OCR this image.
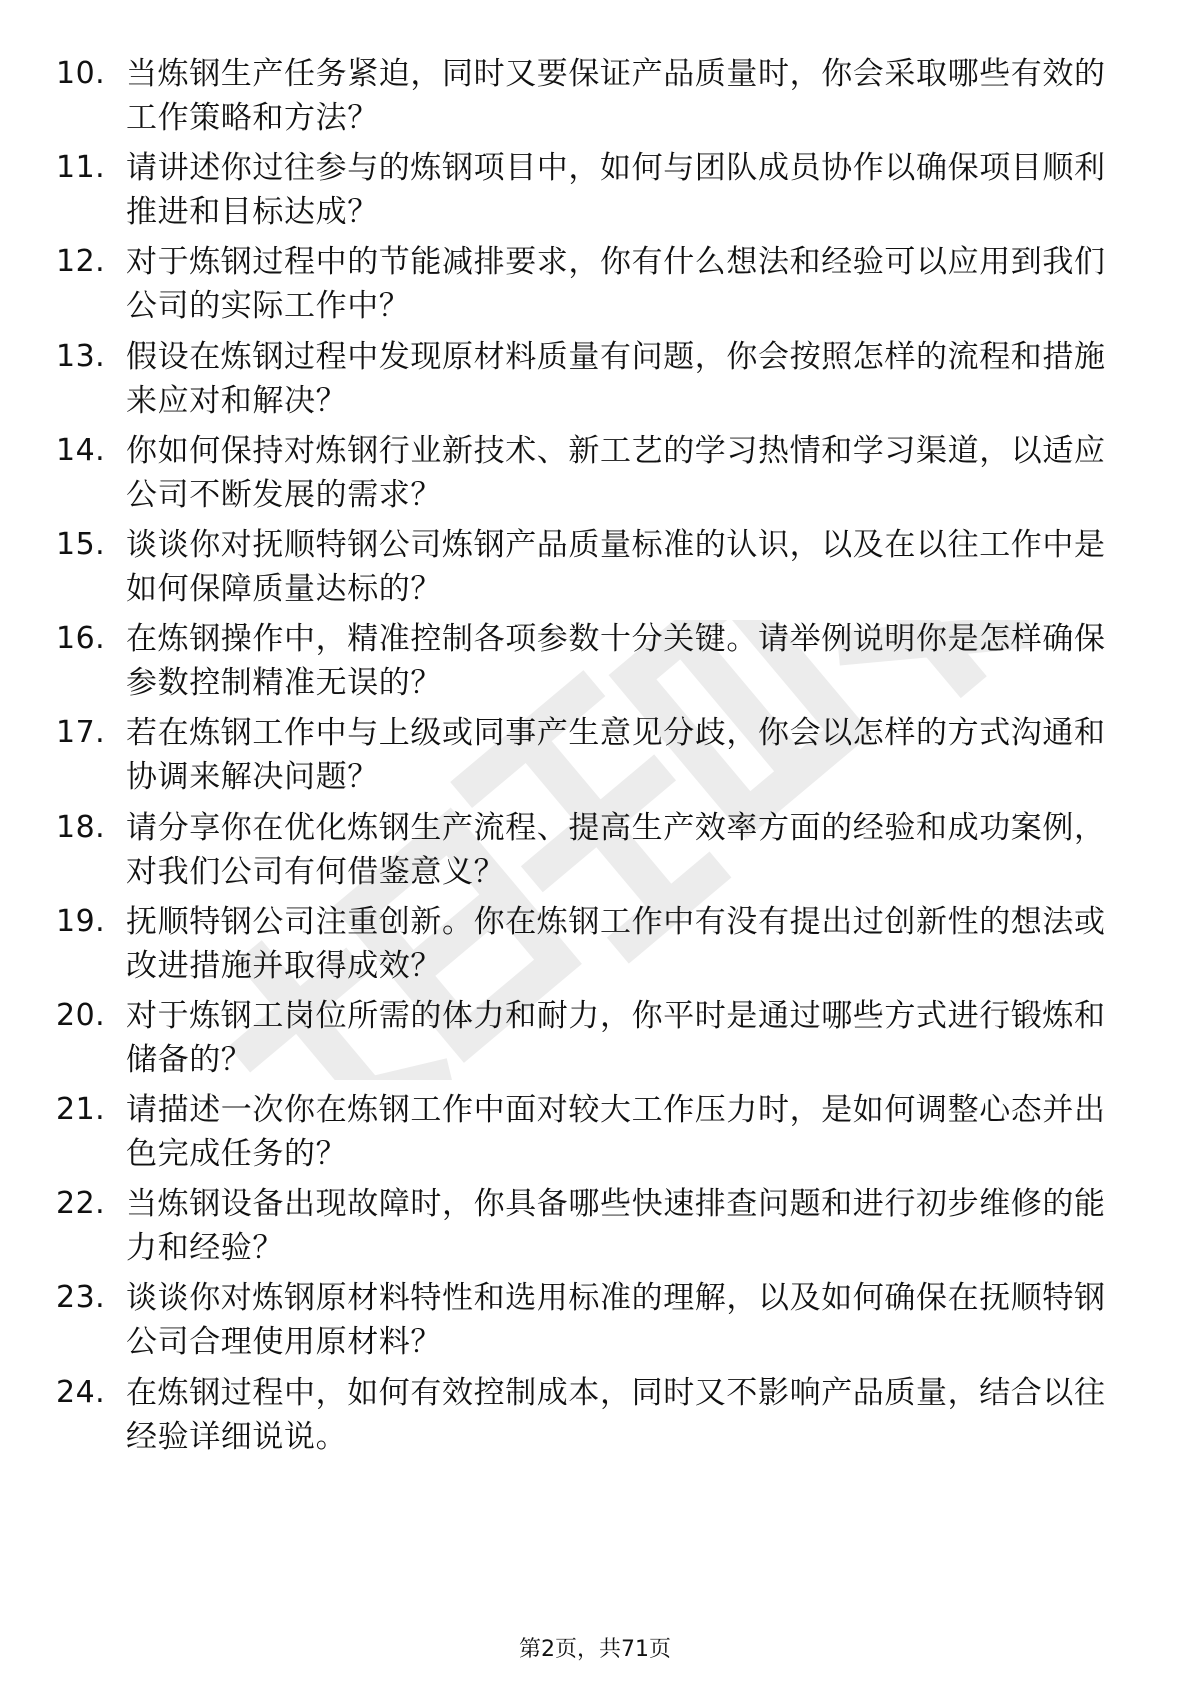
10. 当炼钢生产任务紧迫，同时又要保证产品质量时，你会采取哪些有效的工作策略和方法？
11. 请讲述你过往参与的炼钢项目中，如何与团队成员协作以确保项目顺利推进和目标达成？
12. 对于炼钢过程中的节能减排要求，你有什么想法和经验可以应用到我们公司的实际工作中？
13. 假设在炼钢过程中发现原材料质量有问题，你会按照怎样的流程和措施来应对和解决？
14. 你如何保持对炼钢行业新技术、新工艺的学习热情和学习渠道，以适应公司不断发展的需求？
15. 谈谈你对抚顺特钢公司炼钢产品质量标准的认识，以及在以往工作中是如何保障质量达标的？
16. 在炼钢操作中，精准控制各项参数十分关键。请举例说明你是怎样确保参数控制精准无误的？
17. 若在炼钢工作中与上级或同事产生意见分歧，你会以怎样的方式沟通和协调来解决问题？
18. 请分享你在优化炼钢生产流程、提高生产效率方面的经验和成功案例，对我们公司有何借鉴意义？
19. 抚顺特钢公司注重创新。你在炼钢工作中有没有提出过创新性的想法或改进措施并取得成效？
20. 对于炼钢工岗位所需的体力和耐力，你平时是通过哪些方式进行锻炼和储备的？
21. 请描述一次你在炼钢工作中面对较大工作压力时，是如何调整心态并出色完成任务的？
22. 当炼钢设备出现故障时，你具备哪些快速排查问题和进行初步维修的能力和经验？
23. 谈谈你对炼钢原材料特性和选用标准的理解，以及如何确保在抚顺特钢公司合理使用原材料？
24. 在炼钢过程中，如何有效控制成本，同时又不影响产品质量，结合以往经验详细说说。
第2页，共71页
